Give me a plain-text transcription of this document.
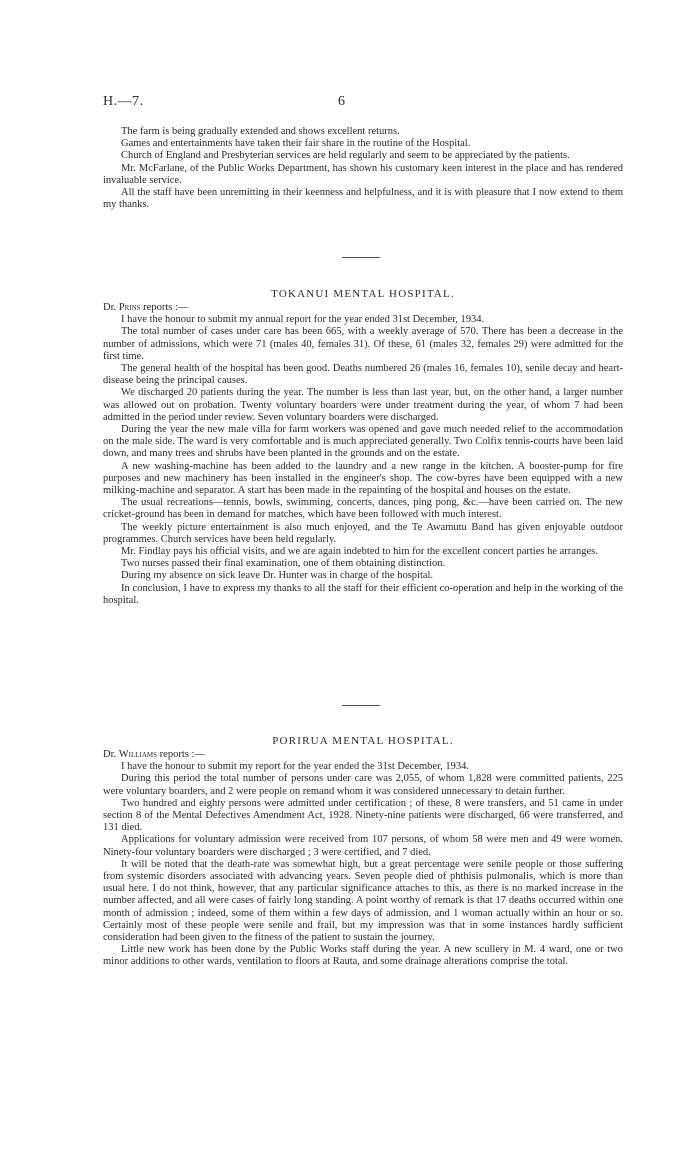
H.—7.	6

The farm is being gradually extended and shows excellent returns.

Games and entertainments have taken their fair share in the routine of the Hospital.

Church of England and Presbyterian services are held regularly and seem to be appreciated by the patients.

Mr. McFarlane, of the Public Works Department, has shown his customary keen interest in the place and has rendered invaluable service.

All the staff have been unremitting in their keenness and helpfulness, and it is with pleasure that I now extend to them my thanks.

TOKANUI MENTAL HOSPITAL.

Dr. Prins reports :—

I have the honour to submit my annual report for the year ended 31st December, 1934.

The total number of cases under care has been 665, with a weekly average of 570. There has been a decrease in the number of admissions, which were 71 (males 40, females 31). Of these, 61 (males 32, females 29) were admitted for the first time.

The general health of the hospital has been good. Deaths numbered 26 (males 16, females 10), senile decay and heart-disease being the principal causes.

We discharged 20 patients during the year. The number is less than last year, but, on the other hand, a larger number was allowed out on probation. Twenty voluntary boarders were under treatment during the year, of whom 7 had been admitted in the period under review. Seven voluntary boarders were discharged.

During the year the new male villa for farm workers was opened and gave much needed relief to the accommodation on the male side. The ward is very comfortable and is much appreciated generally. Two Colfix tennis-courts have been laid down, and many trees and shrubs have been planted in the grounds and on the estate.

A new washing-machine has been added to the laundry and a new range in the kitchen. A booster-pump for fire purposes and new machinery has been installed in the engineer's shop. The cow-byres have been equipped with a new milking-machine and separator. A start has been made in the repainting of the hospital and houses on the estate.

The usual recreations—tennis, bowls, swimming, concerts, dances, ping pong, &c.—have been carried on. The new cricket-ground has been in demand for matches, which have been followed with much interest.

The weekly picture entertainment is also much enjoyed, and the Te Awamutu Band has given enjoyable outdoor programmes. Church services have been held regularly.

Mr. Findlay pays his official visits, and we are again indebted to him for the excellent concert parties he arranges.

Two nurses passed their final examination, one of them obtaining distinction.

During my absence on sick leave Dr. Hunter was in charge of the hospital.

In conclusion, I have to express my thanks to all the staff for their efficient co-operation and help in the working of the hospital.

PORIRUA MENTAL HOSPITAL.

Dr. Williams reports :—

I have the honour to submit my report for the year ended the 31st December, 1934.

During this period the total number of persons under care was 2,055, of whom 1,828 were committed patients, 225 were voluntary boarders, and 2 were people on remand whom it was considered unnecessary to detain further.

Two hundred and eighty persons were admitted under certification ; of these, 8 were transfers, and 51 came in under section 8 of the Mental Defectives Amendment Act, 1928. Ninety-nine patients were discharged, 66 were transferred, and 131 died.

Applications for voluntary admission were received from 107 persons, of whom 58 were men and 49 were women. Ninety-four voluntary boarders were discharged ; 3 were certified, and 7 died.

It will be noted that the death-rate was somewhat high, but a great percentage were senile people or those suffering from systemic disorders associated with advancing years. Seven people died of phthisis pulmonalis, which is more than usual here. I do not think, however, that any particular significance attaches to this, as there is no marked increase in the number affected, and all were cases of fairly long standing. A point worthy of remark is that 17 deaths occurred within one month of admission ; indeed, some of them within a few days of admission, and 1 woman actually within an hour or so. Certainly most of these people were senile and frail, but my impression was that in some instances hardly sufficient consideration had been given to the fitness of the patient to sustain the journey.

Little new work has been done by the Public Works staff during the year. A new scullery in M. 4 ward, one or two minor additions to other wards, ventilation to floors at Rauta, and some drainage alterations comprise the total.
